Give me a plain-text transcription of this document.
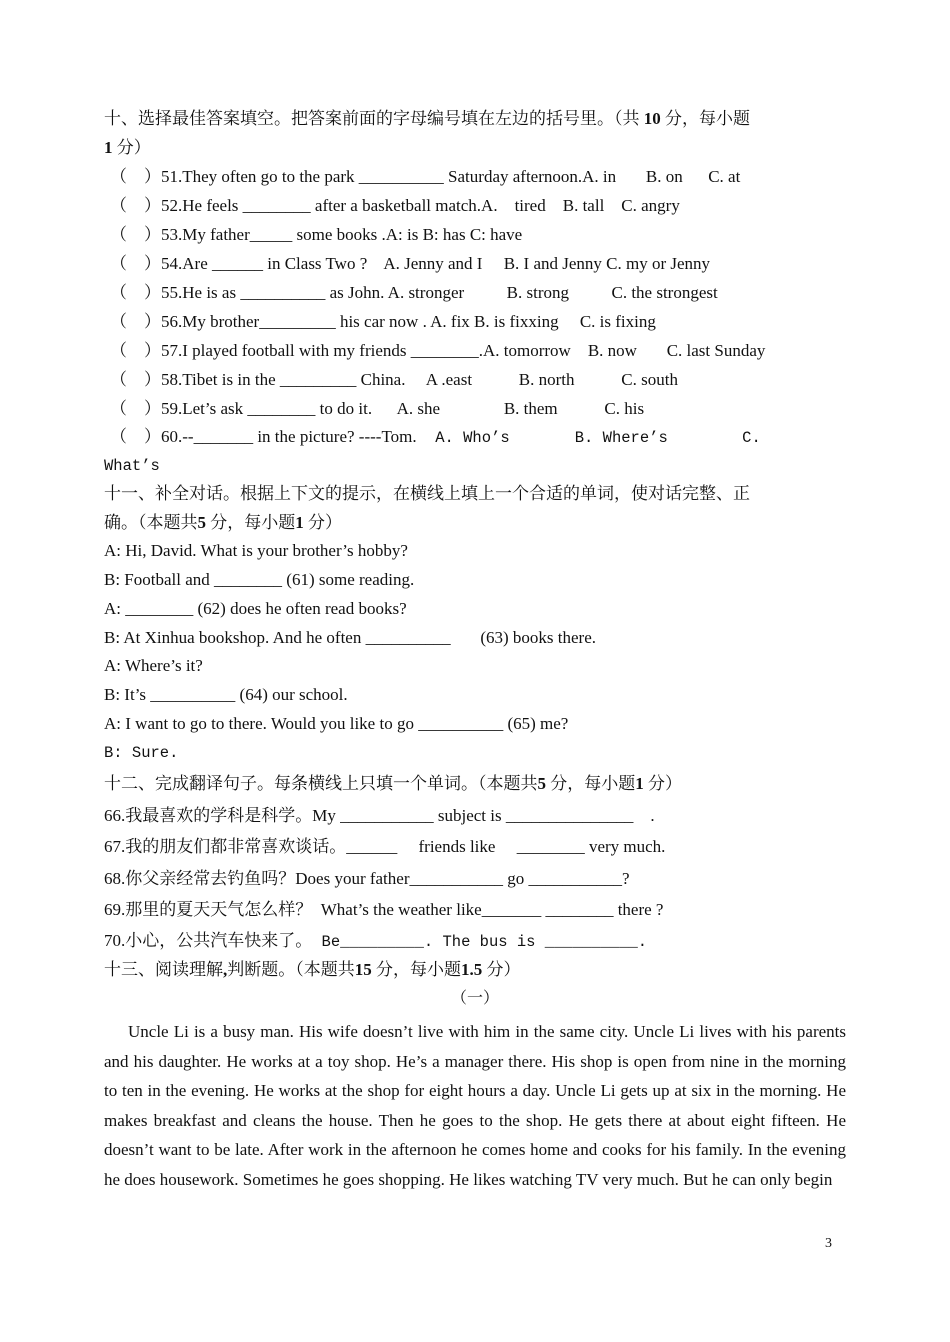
十、选择最佳答案填空。把答案前面的字母编号填在左边的括号里。（共 10 分，每小题
1 分）
（    ）51.They often go to the park __________ Saturday afternoon.A. in       B. on      C. at
（    ）52.He feels ________ after a basketball match.A.    tired    B. tall    C. angry
（    ）53.My father_____ some books .A: is B: has C: have
（    ）54.Are ______ in Class Two ?    A. Jenny and I     B. I and Jenny C. my or Jenny
（    ）55.He is as __________ as John. A. stronger          B. strong          C. the strongest
（    ）56.My brother_________ his car now . A. fix B. is fixxing     C. is fixing
（    ）57.I played football with my friends ________.A. tomorrow    B. now       C. last Sunday
（    ）58.Tibet is in the _________ China.     A .east           B. north           C. south
（    ）59.Let’s ask ________ to do it.      A. she               B. them           C. his
（    ）60.--_______ in the picture? ----Tom.  A. Who’s       B. Where’s        C.
What’s
十一、补全对话。根据上下文的提示，在横线上填上一个合适的单词，使对话完整、正
确。（本题共5 分，每小题1 分）
A: Hi, David. What is your brother’s hobby?
B: Football and ________ (61) some reading.
A: ________ (62) does he often read books?
B: At Xinhua bookshop. And he often __________       (63) books there.
A: Where’s it?
B: It’s __________ (64) our school.
A: I want to go to there. Would you like to go __________ (65) me?
B: Sure.
十二、完成翻译句子。每条横线上只填一个单词。（本题共5 分，每小题1 分）
66.我最喜欢的学科是科学。My ___________ subject is _______________    .
67.我的朋友们都非常喜欢谈话。______     friends like     ________ very much.
68.你父亲经常去钓鱼吗？Does your father___________ go ___________?
69.那里的夏天天气怎么样？  What’s the weather like_______ ________ there ?
70.小心，公共汽车快来了。 Be_________. The bus is __________.
十三、阅读理解,判断题。（本题共15 分，每小题1.5 分）
（一）
Uncle Li is a busy man. His wife doesn’t live with him in the same city. Uncle Li lives with his parents and his daughter. He works at a toy shop. He’s a manager there. His shop is open from nine in the morning to ten in the evening. He works at the shop for eight hours a day. Uncle Li gets up at six in the morning. He makes breakfast and cleans the house. Then he goes to the shop. He gets there at about eight fifteen. He doesn’t want to be late. After work in the afternoon he comes home and cooks for his family. In the evening he does housework. Sometimes he goes shopping. He likes watching TV very much. But he can only begin
3
